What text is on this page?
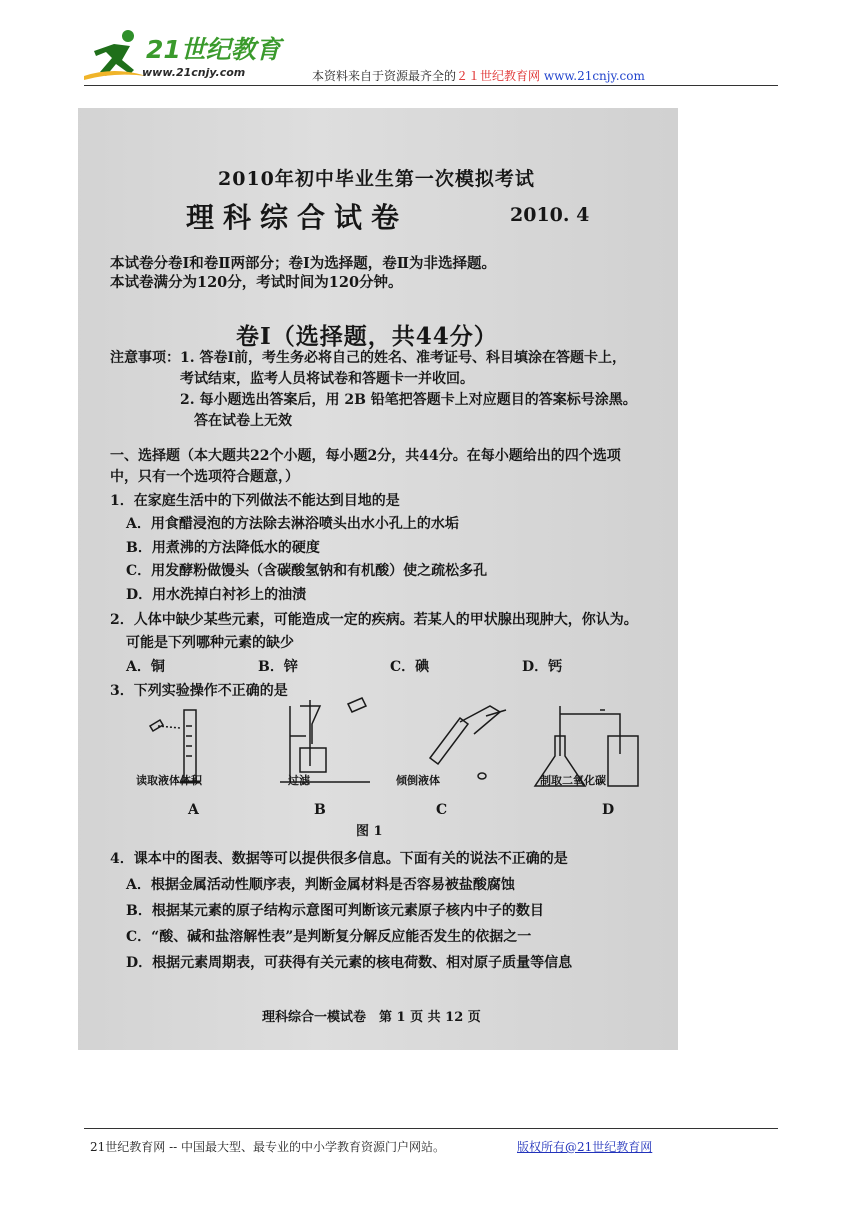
21世纪教育
www.21cnjy.com	本资料来自于资源最齐全的２１世纪教育网 www.21cnjy.com
2010年初中毕业生第一次模拟考试
理科综合试卷	2010. 4
本试卷分卷Ⅰ和卷Ⅱ两部分；卷Ⅰ为选择题，卷Ⅱ为非选择题。
本试卷满分为120分，考试时间为120分钟。
卷Ⅰ（选择题，共44分）
注意事项：1. 答卷Ⅰ前，考生务必将自己的姓名、准考证号、科目填涂在答题卡上，
考试结束，监考人员将试卷和答题卡一并收回。
2. 每小题选出答案后，用 2B 铅笔把答题卡上对应题目的答案标号涂黑。
答在试卷上无效
一、选择题（本大题共22个小题，每小题2分，共44分。在每小题给出的四个选项
中，只有一个选项符合题意，）
1．在家庭生活中的下列做法不能达到目地的是
A．用食醋浸泡的方法除去淋浴喷头出水小孔上的水垢
B．用煮沸的方法降低水的硬度
C．用发酵粉做馒头（含碳酸氢钠和有机酸）使之疏松多孔
D．用水洗掉白衬衫上的油渍
2．人体中缺少某些元素，可能造成一定的疾病。若某人的甲状腺出现肿大，你认为。
可能是下列哪种元素的缺少
A．铜	B．锌	C．碘	D．钙
3．下列实验操作不正确的是
读取液体体积	过滤	倾倒液体	制取二氧化碳
A	B	C	D
图 1
4．课本中的图表、数据等可以提供很多信息。下面有关的说法不正确的是
A．根据金属活动性顺序表，判断金属材料是否容易被盐酸腐蚀
B．根据某元素的原子结构示意图可判断该元素原子核内中子的数目
C．“酸、碱和盐溶解性表”是判断复分解反应能否发生的依据之一
D．根据元素周期表，可获得有关元素的核电荷数、相对原子质量等信息
理科综合一模试卷　第 1 页 共 12 页
21世纪教育网 -- 中国最大型、最专业的中小学教育资源门户网站。	版权所有@21世纪教育网
